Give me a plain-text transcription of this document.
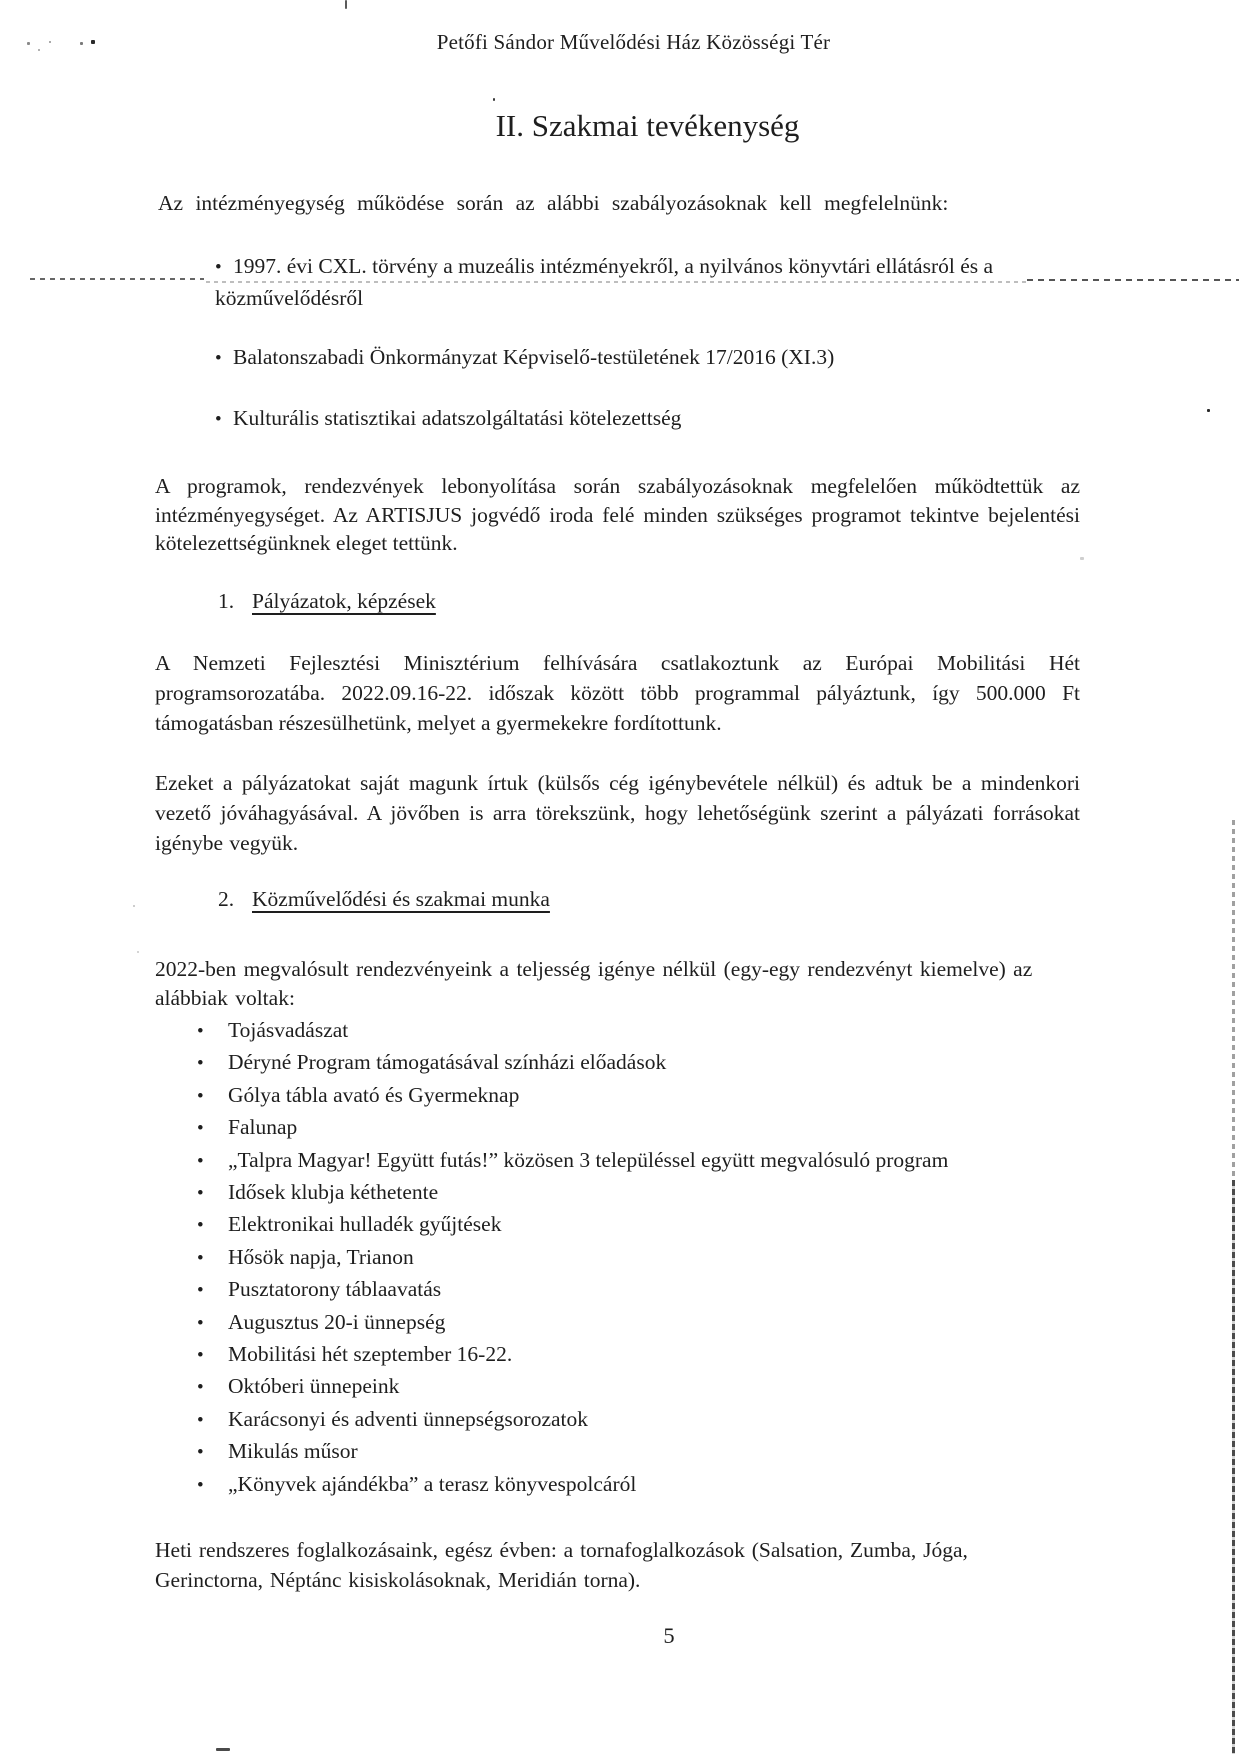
Petőfi Sándor Művelődési Ház Közösségi Tér
II. Szakmai tevékenység
Az intézményegység működése során az alábbi szabályozásoknak kell megfelelnünk:
• 1997. évi CXL. törvény a muzeális intézményekről, a nyilvános könyvtári ellátásról és a közművelődésről
• Balatonszabadi Önkormányzat Képviselő-testületének 17/2016 (XI.3)
• Kulturális statisztikai adatszolgáltatási kötelezettség
A programok, rendezvények lebonyolítása során szabályozásoknak megfelelően működtettük az intézményegységet. Az ARTISJUS jogvédő iroda felé minden szükséges programot tekintve bejelentési kötelezettségünknek eleget tettünk.
1. Pályázatok, képzések
A Nemzeti Fejlesztési Minisztérium felhívására csatlakoztunk az Európai Mobilitási Hét programsorozatába. 2022.09.16-22. időszak között több programmal pályáztunk, így 500.000 Ft támogatásban részesülhetünk, melyet a gyermekekre fordítottunk.
Ezeket a pályázatokat saját magunk írtuk (külsős cég igénybevétele nélkül) és adtuk be a mindenkori vezető jóváhagyásával. A jövőben is arra törekszünk, hogy lehetőségünk szerint a pályázati forrásokat igénybe vegyük.
2. Közművelődési és szakmai munka
2022-ben megvalósult rendezvényeink a teljesség igénye nélkül (egy-egy rendezvényt kiemelve) az alábbiak voltak:
• Tojásvadászat
• Déryné Program támogatásával színházi előadások
• Gólya tábla avató és Gyermeknap
• Falunap
• „Talpra Magyar! Együtt futás!” közösen 3 településsel együtt megvalósuló program
• Idősek klubja kéthetente
• Elektronikai hulladék gyűjtések
• Hősök napja, Trianon
• Pusztatorony táblaavatás
• Augusztus 20-i ünnepség
• Mobilitási hét szeptember 16-22.
• Októberi ünnepeink
• Karácsonyi és adventi ünnepségsorozatok
• Mikulás műsor
• „Könyvek ajándékba” a terasz könyvespolcáról
Heti rendszeres foglalkozásaink, egész évben: a tornafoglalkozások (Salsation, Zumba, Jóga, Gerinctorna, Néptánc kisiskolásoknak, Meridián torna).
5
